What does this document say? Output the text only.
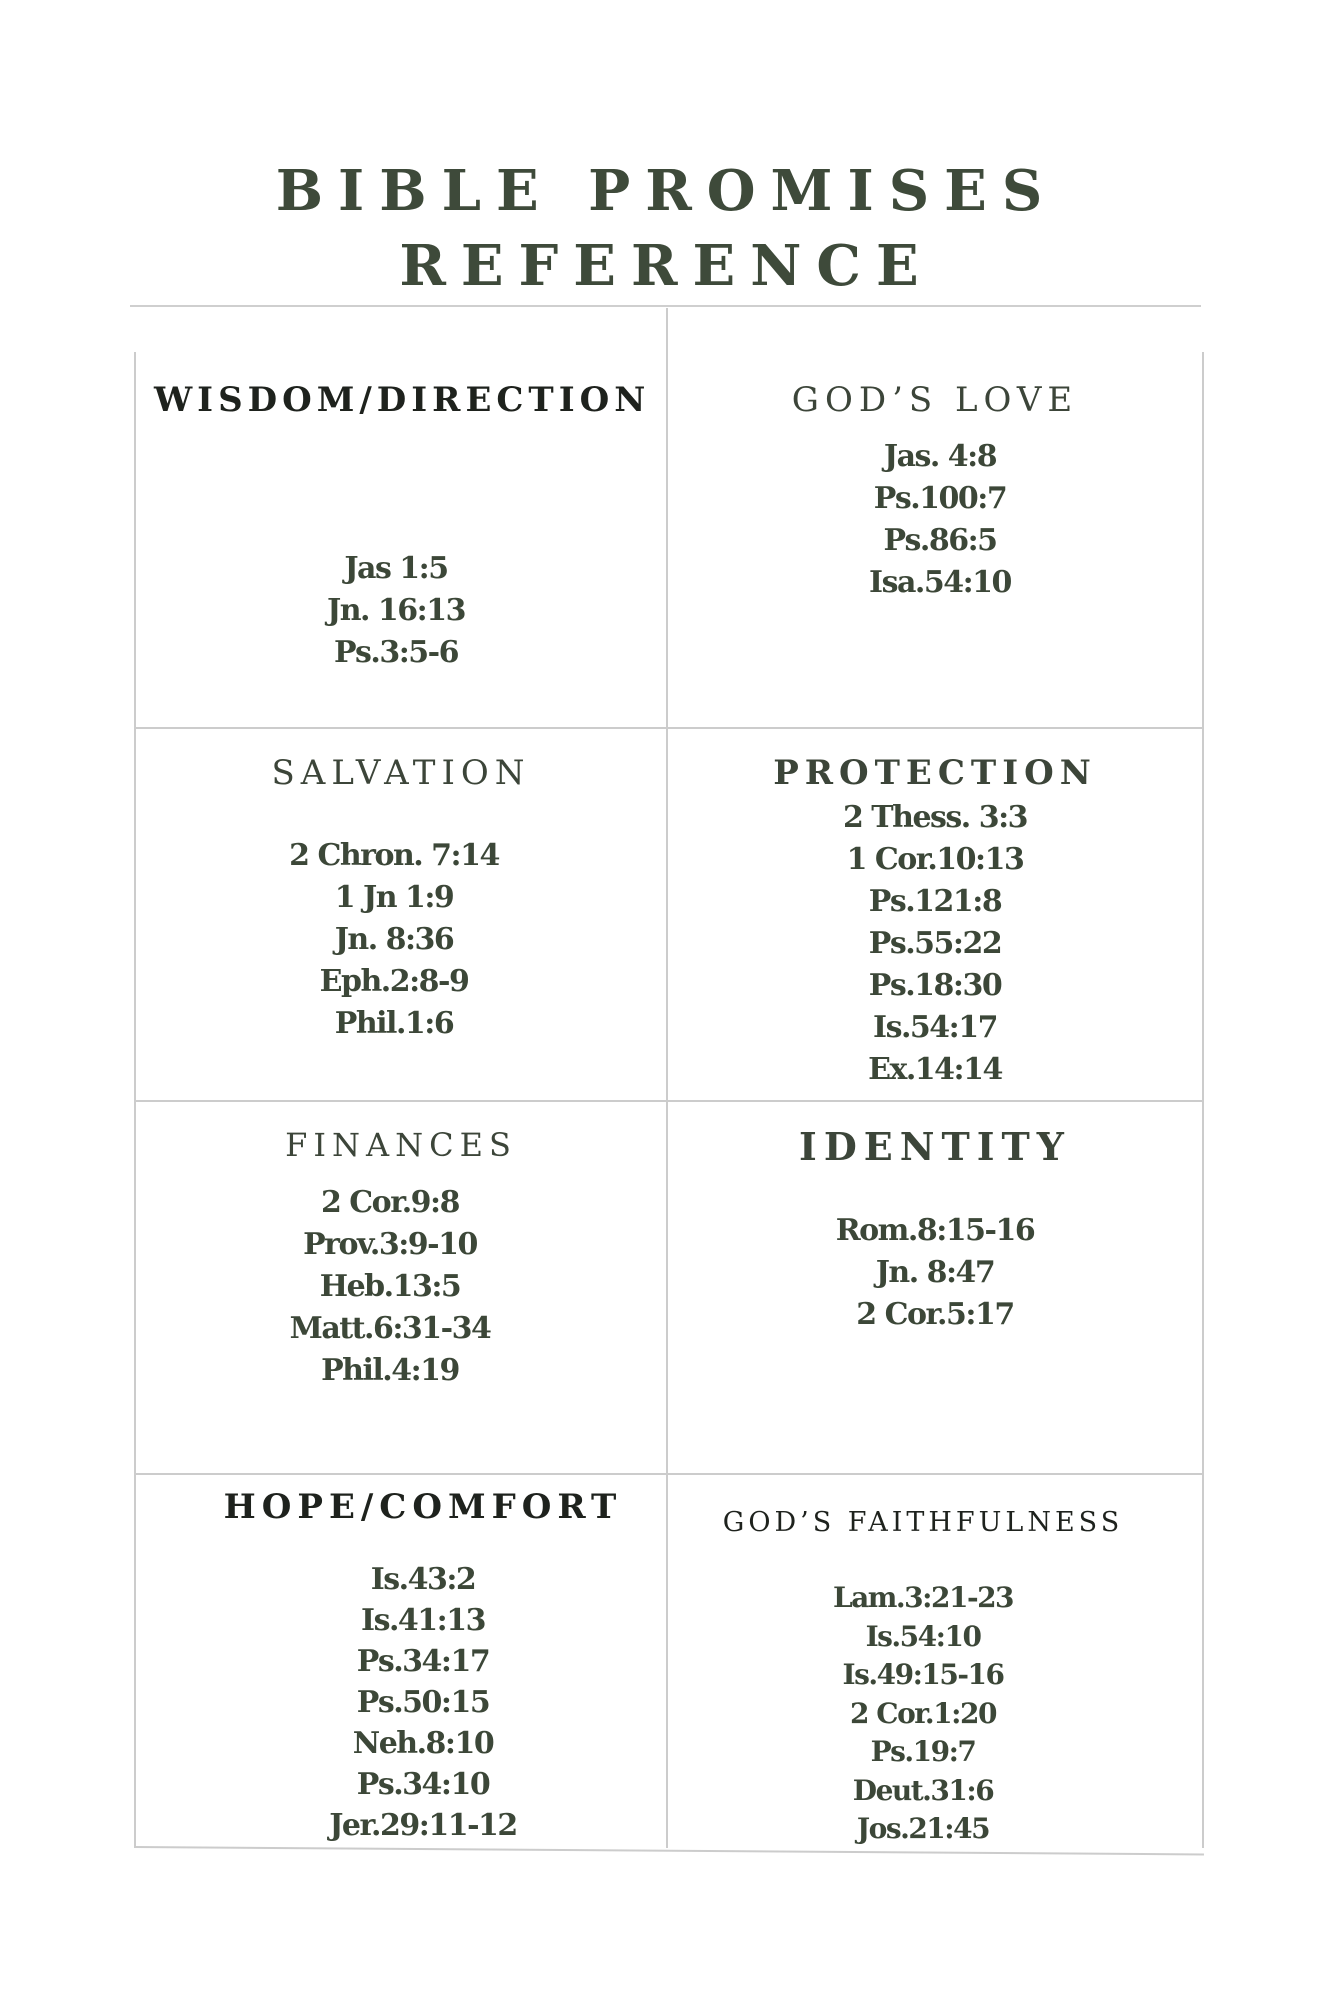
BIBLE PROMISES
REFERENCE
WISDOM/DIRECTION
Jas 1:5
Jn. 16:13
Ps.3:5-6
GOD’S LOVE
Jas. 4:8
Ps.100:7
Ps.86:5
Isa.54:10
SALVATION
2 Chron. 7:14
1 Jn 1:9
Jn. 8:36
Eph.2:8-9
Phil.1:6
PROTECTION
2 Thess. 3:3
1 Cor.10:13
Ps.121:8
Ps.55:22
Ps.18:30
Is.54:17
Ex.14:14
FINANCES
2 Cor.9:8
Prov.3:9-10
Heb.13:5
Matt.6:31-34
Phil.4:19
IDENTITY
Rom.8:15-16
Jn. 8:47
2 Cor.5:17
HOPE/COMFORT
Is.43:2
Is.41:13
Ps.34:17
Ps.50:15
Neh.8:10
Ps.34:10
Jer.29:11-12
GOD’S FAITHFULNESS
Lam.3:21-23
Is.54:10
Is.49:15-16
2 Cor.1:20
Ps.19:7
Deut.31:6
Jos.21:45
